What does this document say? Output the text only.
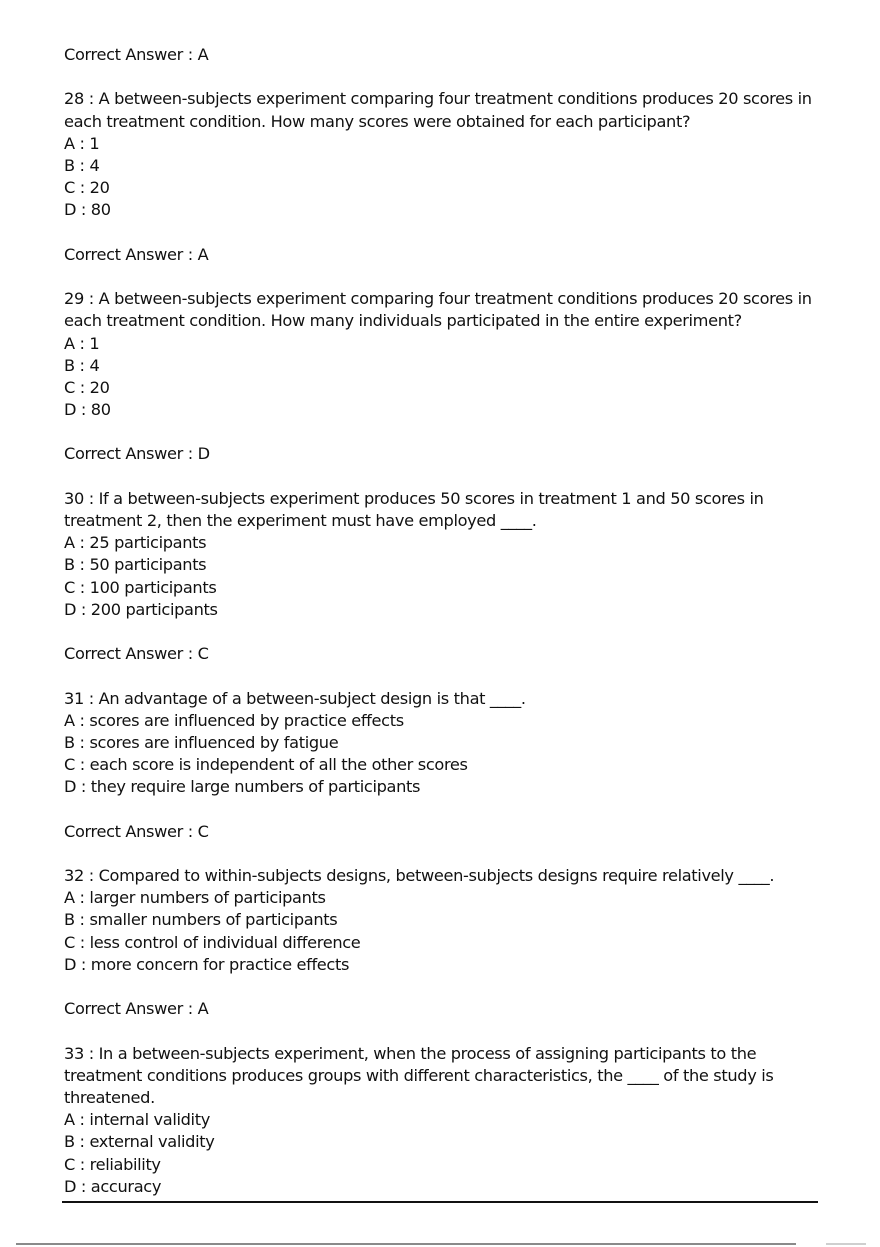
Correct Answer : A

28 : A between-subjects experiment comparing four treatment conditions produces 20 scores in each treatment condition. How many scores were obtained for each participant?

A : 1
B : 4
C : 20
D : 80

Correct Answer : A

29 : A between-subjects experiment comparing four treatment conditions produces 20 scores in each treatment condition. How many individuals participated in the entire experiment?

A : 1
B : 4
C : 20
D : 80

Correct Answer : D

30 : If a between-subjects experiment produces 50 scores in treatment 1 and 50 scores in treatment 2, then the experiment must have employed ____.

A : 25 participants
B : 50 participants
C : 100 participants
D : 200 participants

Correct Answer : C

31 : An advantage of a between-subject design is that ____.

A : scores are influenced by practice effects
B : scores are influenced by fatigue
C : each score is independent of all the other scores
D : they require large numbers of participants

Correct Answer : C

32 : Compared to within-subjects designs, between-subjects designs require relatively ____.

A : larger numbers of participants
B : smaller numbers of participants
C : less control of individual difference
D : more concern for practice effects

Correct Answer : A

33 : In a between-subjects experiment, when the process of assigning participants to the treatment conditions produces groups with different characteristics, the ____ of the study is threatened.

A : internal validity
B : external validity
C : reliability
D : accuracy
